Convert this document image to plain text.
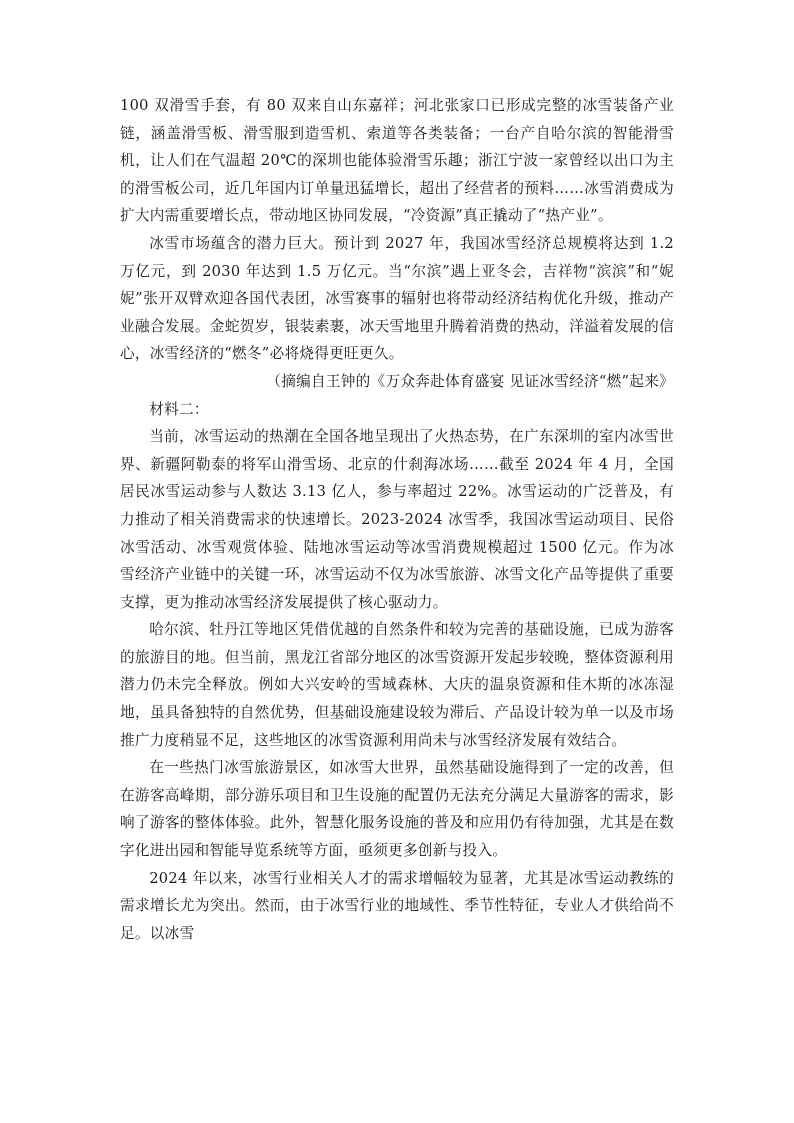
100 双滑雪手套，有 80 双来自山东嘉祥；河北张家口已形成完整的冰雪装备产业链，涵盖滑雪板、滑雪服到造雪机、索道等各类装备；一台产自哈尔滨的智能滑雪机，让人们在气温超 20℃的深圳也能体验滑雪乐趣；浙江宁波一家曾经以出口为主的滑雪板公司，近几年国内订单量迅猛增长，超出了经营者的预料……冰雪消费成为扩大内需重要增长点，带动地区协同发展，“冷资源”真正撬动了“热产业”。

冰雪市场蕴含的潜力巨大。预计到 2027 年，我国冰雪经济总规模将达到 1.2 万亿元，到 2030 年达到 1.5 万亿元。当“尔滨”遇上亚冬会，吉祥物“滨滨”和“妮妮”张开双臂欢迎各国代表团，冰雪赛事的辐射也将带动经济结构优化升级，推动产业融合发展。金蛇贺岁，银装素裹，冰天雪地里升腾着消费的热动，洋溢着发展的信心，冰雪经济的“燃冬”必将烧得更旺更久。

（摘编自王钟的《万众奔赴体育盛宴 见证冰雪经济“燃”起来》

材料二：

当前，冰雪运动的热潮在全国各地呈现出了火热态势，在广东深圳的室内冰雪世界、新疆阿勒泰的将军山滑雪场、北京的什刹海冰场……截至 2024 年 4 月，全国居民冰雪运动参与人数达 3.13 亿人，参与率超过 22%。冰雪运动的广泛普及，有力推动了相关消费需求的快速增长。2023-2024 冰雪季，我国冰雪运动项目、民俗冰雪活动、冰雪观赏体验、陆地冰雪运动等冰雪消费规模超过 1500 亿元。作为冰雪经济产业链中的关键一环，冰雪运动不仅为冰雪旅游、冰雪文化产品等提供了重要支撑，更为推动冰雪经济发展提供了核心驱动力。

哈尔滨、牡丹江等地区凭借优越的自然条件和较为完善的基础设施，已成为游客的旅游目的地。但当前，黑龙江省部分地区的冰雪资源开发起步较晚，整体资源利用潜力仍未完全释放。例如大兴安岭的雪域森林、大庆的温泉资源和佳木斯的冰冻湿地，虽具备独特的自然优势，但基础设施建设较为滞后、产品设计较为单一以及市场推广力度稍显不足，这些地区的冰雪资源利用尚未与冰雪经济发展有效结合。

在一些热门冰雪旅游景区，如冰雪大世界，虽然基础设施得到了一定的改善，但在游客高峰期，部分游乐项目和卫生设施的配置仍无法充分满足大量游客的需求，影响了游客的整体体验。此外，智慧化服务设施的普及和应用仍有待加强，尤其是在数字化进出园和智能导览系统等方面，亟须更多创新与投入。

2024 年以来，冰雪行业相关人才的需求增幅较为显著，尤其是冰雪运动教练的需求增长尤为突出。然而，由于冰雪行业的地域性、季节性特征，专业人才供给尚不足。以冰雪
